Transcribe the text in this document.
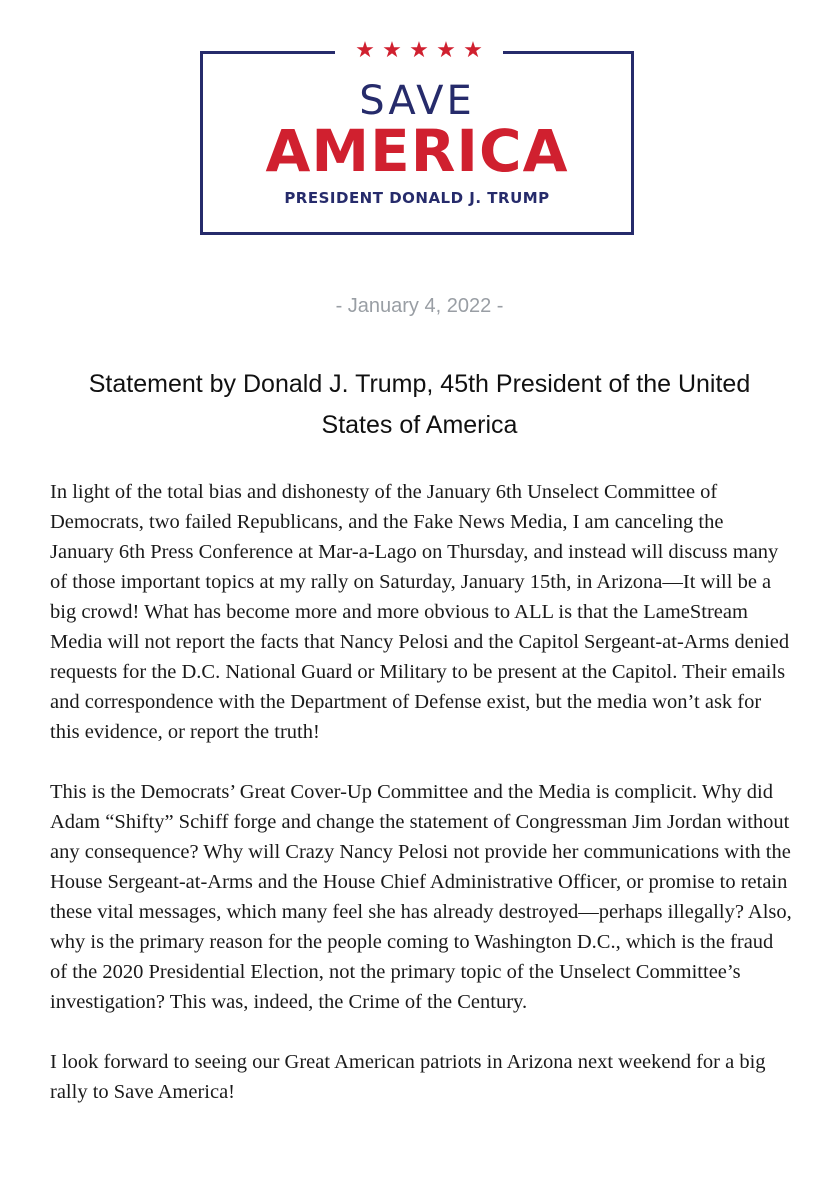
★ ★ ★ ★ ★
SAVE
AMERICA
PRESIDENT DONALD J. TRUMP
- January 4, 2022 -
Statement by Donald J. Trump, 45th President of the United States of America

In light of the total bias and dishonesty of the January 6th Unselect Committee of Democrats, two failed Republicans, and the Fake News Media, I am canceling the January 6th Press Conference at Mar-a-Lago on Thursday, and instead will discuss many of those important topics at my rally on Saturday, January 15th, in Arizona—It will be a big crowd! What has become more and more obvious to ALL is that the LameStream Media will not report the facts that Nancy Pelosi and the Capitol Sergeant-at-Arms denied requests for the D.C. National Guard or Military to be present at the Capitol. Their emails and correspondence with the Department of Defense exist, but the media won’t ask for this evidence, or report the truth!

This is the Democrats’ Great Cover-Up Committee and the Media is complicit. Why did Adam “Shifty” Schiff forge and change the statement of Congressman Jim Jordan without any consequence? Why will Crazy Nancy Pelosi not provide her communications with the House Sergeant-at-Arms and the House Chief Administrative Officer, or promise to retain these vital messages, which many feel she has already destroyed—perhaps illegally? Also, why is the primary reason for the people coming to Washington D.C., which is the fraud of the 2020 Presidential Election, not the primary topic of the Unselect Committee’s investigation? This was, indeed, the Crime of the Century.

I look forward to seeing our Great American patriots in Arizona next weekend for a big rally to Save America!
